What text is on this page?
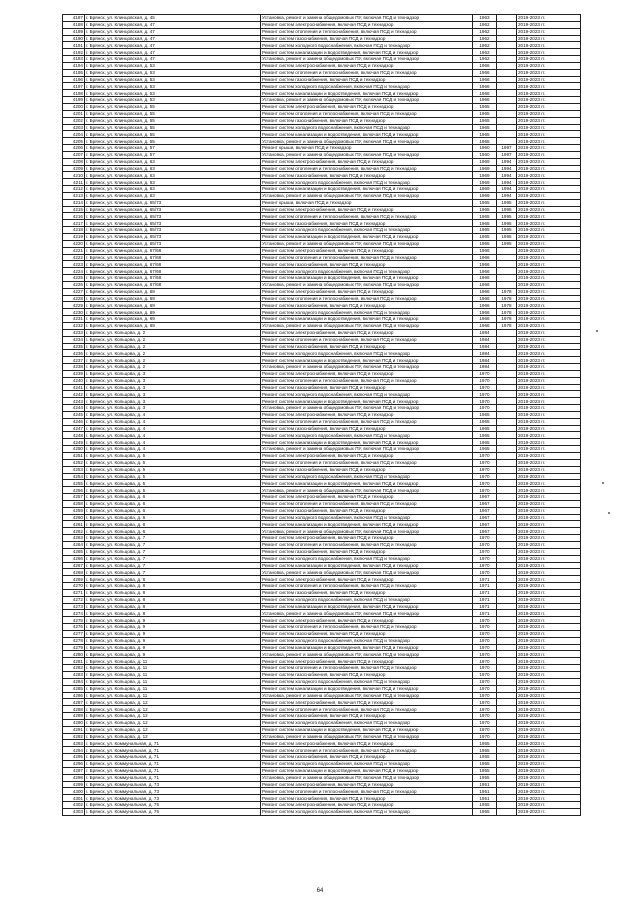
4187	г. Брянск, ул. Клинцовская, д. 45	Установка, ремонт и замена общедомовых ПУ, включая ПСД и технадзор	1963		2019-2023 гг.
4188	г. Брянск, ул. Клинцовская, д. 47	Ремонт систем электроснабжения, включая ПСД и технадзор	1962		2019-2023 гг.
4189	г. Брянск, ул. Клинцовская, д. 47	Ремонт систем отопления и теплоснабжения, включая ПСД и технадзор	1962		2019-2023 гг.
4190	г. Брянск, ул. Клинцовская, д. 47	Ремонт систем газоснабжения, включая ПСД и технадзор	1962		2019-2023 гг.
4191	г. Брянск, ул. Клинцовская, д. 47	Ремонт систем холодного водоснабжения, включая ПСД и технадзор	1962		2019-2023 гг.
4192	г. Брянск, ул. Клинцовская, д. 47	Ремонт систем канализации и водоотведения, включая ПСД и технадзор	1962		2019-2023 гг.
4193	г. Брянск, ул. Клинцовская, д. 47	Установка, ремонт и замена общедомовых ПУ, включая ПСД и технадзор	1962		2019-2023 гг.
4194	г. Брянск, ул. Клинцовская, д. 53	Ремонт систем электроснабжения, включая ПСД и технадзор	1966		2019-2023 гг.
4195	г. Брянск, ул. Клинцовская, д. 53	Ремонт систем отопления и теплоснабжения, включая ПСД и технадзор	1966		2019-2023 гг.
4196	г. Брянск, ул. Клинцовская, д. 53	Ремонт систем газоснабжения, включая ПСД и технадзор	1966		2019-2023 гг.
4197	г. Брянск, ул. Клинцовская, д. 53	Ремонт систем холодного водоснабжения, включая ПСД и технадзор	1966		2019-2023 гг.
4198	г. Брянск, ул. Клинцовская, д. 53	Ремонт систем канализации и водоотведения, включая ПСД и технадзор	1966		2019-2023 гг.
4199	г. Брянск, ул. Клинцовская, д. 53	Установка, ремонт и замена общедомовых ПУ, включая ПСД и технадзор	1966		2019-2023 гг.
4200	г. Брянск, ул. Клинцовская, д. 55	Ремонт систем электроснабжения, включая ПСД и технадзор	1965		2019-2023 гг.
4201	г. Брянск, ул. Клинцовская, д. 55	Ремонт систем отопления и теплоснабжения, включая ПСД и технадзор	1965		2019-2023 гг.
4202	г. Брянск, ул. Клинцовская, д. 55	Ремонт систем газоснабжения, включая ПСД и технадзор	1965		2019-2023 гг.
4203	г. Брянск, ул. Клинцовская, д. 55	Ремонт систем холодного водоснабжения, включая ПСД и технадзор	1965		2019-2023 гг.
4204	г. Брянск, ул. Клинцовская, д. 55	Ремонт систем канализации и водоотведения, включая ПСД и технадзор	1965		2019-2023 гг.
4205	г. Брянск, ул. Клинцовская, д. 55	Установка, ремонт и замена общедомовых ПУ, включая ПСД и технадзор	1965		2019-2023 гг.
4206	г. Брянск, ул. Клинцовская, д. 57	Ремонт крыши, включая ПСД и технадзор	1960	1997	2019-2023 гг.
4207	г. Брянск, ул. Клинцовская, д. 57	Установка, ремонт и замена общедомовых ПУ, включая ПСД и технадзор	1960	1997	2019-2023 гг.
4208	г. Брянск, ул. Клинцовская, д. 63	Ремонт систем электроснабжения, включая ПСД и технадзор	1969	1994	2019-2023 гг.
4209	г. Брянск, ул. Клинцовская, д. 63	Ремонт систем отопления и теплоснабжения, включая ПСД и технадзор	1969	1994	2019-2023 гг.
4210	г. Брянск, ул. Клинцовская, д. 63	Ремонт систем газоснабжения, включая ПСД и технадзор	1969	1994	2019-2023 гг.
4211	г. Брянск, ул. Клинцовская, д. 63	Ремонт систем холодного водоснабжения, включая ПСД и технадзор	1969	1994	2019-2023 гг.
4212	г. Брянск, ул. Клинцовская, д. 63	Ремонт систем канализации и водоотведения, включая ПСД и технадзор	1969	1994	2019-2023 гг.
4213	г. Брянск, ул. Клинцовская, д. 63	Установка, ремонт и замена общедомовых ПУ, включая ПСД и технадзор	1969	1994	2019-2023 гг.
4214	г. Брянск, ул. Клинцовская, д. 65/73	Ремонт крыши, включая ПСД и технадзор	1965	1995	2019-2023 гг.
4215	г. Брянск, ул. Клинцовская, д. 65/73	Ремонт систем электроснабжения, включая ПСД и технадзор	1965	1995	2019-2023 гг.
4216	г. Брянск, ул. Клинцовская, д. 65/73	Ремонт систем отопления и теплоснабжения, включая ПСД и технадзор	1965	1995	2019-2023 гг.
4217	г. Брянск, ул. Клинцовская, д. 65/73	Ремонт систем газоснабжения, включая ПСД и технадзор	1965	1995	2019-2023 гг.
4218	г. Брянск, ул. Клинцовская, д. 65/73	Ремонт систем холодного водоснабжения, включая ПСД и технадзор	1965	1995	2019-2023 гг.
4219	г. Брянск, ул. Клинцовская, д. 65/73	Ремонт систем канализации и водоотведения, включая ПСД и технадзор	1965	1995	2019-2023 гг.
4220	г. Брянск, ул. Клинцовская, д. 65/73	Установка, ремонт и замена общедомовых ПУ, включая ПСД и технадзор	1965	1995	2019-2023 гг.
4221	г. Брянск, ул. Клинцовская, д. 67/68	Ремонт систем электроснабжения, включая ПСД и технадзор	1966		2019-2023 гг.
4222	г. Брянск, ул. Клинцовская, д. 67/68	Ремонт систем отопления и теплоснабжения, включая ПСД и технадзор	1966		2019-2023 гг.
4223	г. Брянск, ул. Клинцовская, д. 67/68	Ремонт систем газоснабжения, включая ПСД и технадзор	1966		2019-2023 гг.
4224	г. Брянск, ул. Клинцовская, д. 67/68	Ремонт систем холодного водоснабжения, включая ПСД и технадзор	1966		2019-2023 гг.
4225	г. Брянск, ул. Клинцовская, д. 67/68	Ремонт систем канализации и водоотведения, включая ПСД и технадзор	1966		2019-2023 гг.
4226	г. Брянск, ул. Клинцовская, д. 67/68	Установка, ремонт и замена общедомовых ПУ, включая ПСД и технадзор	1966		2019-2023 гг.
4227	г. Брянск, ул. Клинцовская, д. 69	Ремонт систем электроснабжения, включая ПСД и технадзор	1966	1978	2019-2023 гг.
4228	г. Брянск, ул. Клинцовская, д. 69	Ремонт систем отопления и теплоснабжения, включая ПСД и технадзор	1966	1978	2019-2023 гг.
4229	г. Брянск, ул. Клинцовская, д. 69	Ремонт систем газоснабжения, включая ПСД и технадзор	1966	1978	2019-2023 гг.
4230	г. Брянск, ул. Клинцовская, д. 69	Ремонт систем холодного водоснабжения, включая ПСД и технадзор	1966	1978	2019-2023 гг.
4231	г. Брянск, ул. Клинцовская, д. 69	Ремонт систем канализации и водоотведения, включая ПСД и технадзор	1966	1978	2019-2023 гг.
4232	г. Брянск, ул. Клинцовская, д. 69	Установка, ремонт и замена общедомовых ПУ, включая ПСД и технадзор	1966	1978	2019-2023 гг.
4233	г. Брянск, ул. Кольцова, д. 2	Ремонт систем электроснабжения, включая ПСД и технадзор	1984		2019-2023 гг.
4234	г. Брянск, ул. Кольцова, д. 2	Ремонт систем отопления и теплоснабжения, включая ПСД и технадзор	1984		2019-2023 гг.
4235	г. Брянск, ул. Кольцова, д. 2	Ремонт систем газоснабжения, включая ПСД и технадзор	1984		2019-2023 гг.
4236	г. Брянск, ул. Кольцова, д. 2	Ремонт систем холодного водоснабжения, включая ПСД и технадзор	1984		2019-2023 гг.
4237	г. Брянск, ул. Кольцова, д. 2	Ремонт систем канализации и водоотведения, включая ПСД и технадзор	1984		2019-2023 гг.
4238	г. Брянск, ул. Кольцова, д. 2	Установка, ремонт и замена общедомовых ПУ, включая ПСД и технадзор	1984		2019-2023 гг.
4239	г. Брянск, ул. Кольцова, д. 3	Ремонт систем электроснабжения, включая ПСД и технадзор	1970		2019-2023 гг.
4240	г. Брянск, ул. Кольцова, д. 3	Ремонт систем отопления и теплоснабжения, включая ПСД и технадзор	1970		2019-2023 гг.
4241	г. Брянск, ул. Кольцова, д. 3	Ремонт систем газоснабжения, включая ПСД и технадзор	1970		2019-2023 гг.
4242	г. Брянск, ул. Кольцова, д. 3	Ремонт систем холодного водоснабжения, включая ПСД и технадзор	1970		2019-2023 гг.
4243	г. Брянск, ул. Кольцова, д. 3	Ремонт систем канализации и водоотведения, включая ПСД и технадзор	1970		2019-2023 гг.
4244	г. Брянск, ул. Кольцова, д. 3	Установка, ремонт и замена общедомовых ПУ, включая ПСД и технадзор	1970		2019-2023 гг.
4245	г. Брянск, ул. Кольцова, д. 4	Ремонт систем электроснабжения, включая ПСД и технадзор	1965		2019-2023 гг.
4246	г. Брянск, ул. Кольцова, д. 4	Ремонт систем отопления и теплоснабжения, включая ПСД и технадзор	1965		2019-2023 гг.
4247	г. Брянск, ул. Кольцова, д. 4	Ремонт систем газоснабжения, включая ПСД и технадзор	1965		2019-2023 гг.
4248	г. Брянск, ул. Кольцова, д. 4	Ремонт систем холодного водоснабжения, включая ПСД и технадзор	1965		2019-2023 гг.
4249	г. Брянск, ул. Кольцова, д. 4	Ремонт систем канализации и водоотведения, включая ПСД и технадзор	1965		2019-2023 гг.
4250	г. Брянск, ул. Кольцова, д. 4	Установка, ремонт и замена общедомовых ПУ, включая ПСД и технадзор	1965		2019-2023 гг.
4251	г. Брянск, ул. Кольцова, д. 5	Ремонт систем электроснабжения, включая ПСД и технадзор	1970		2019-2023 гг.
4252	г. Брянск, ул. Кольцова, д. 5	Ремонт систем отопления и теплоснабжения, включая ПСД и технадзор	1970		2019-2023 гг.
4253	г. Брянск, ул. Кольцова, д. 5	Ремонт систем газоснабжения, включая ПСД и технадзор	1970		2019-2023 гг.
4254	г. Брянск, ул. Кольцова, д. 5	Ремонт систем холодного водоснабжения, включая ПСД и технадзор	1970		2019-2023 гг.
4255	г. Брянск, ул. Кольцова, д. 5	Ремонт систем канализации и водоотведения, включая ПСД и технадзор	1970		2019-2023 гг.
4256	г. Брянск, ул. Кольцова, д. 5	Установка, ремонт и замена общедомовых ПУ, включая ПСД и технадзор	1970		2019-2023 гг.
4257	г. Брянск, ул. Кольцова, д. 6	Ремонт систем электроснабжения, включая ПСД и технадзор	1967		2019-2023 гг.
4258	г. Брянск, ул. Кольцова, д. 6	Ремонт систем отопления и теплоснабжения, включая ПСД и технадзор	1967		2019-2023 гг.
4259	г. Брянск, ул. Кольцова, д. 6	Ремонт систем газоснабжения, включая ПСД и технадзор	1967		2019-2023 гг.
4260	г. Брянск, ул. Кольцова, д. 6	Ремонт систем холодного водоснабжения, включая ПСД и технадзор	1967		2019-2023 гг.
4261	г. Брянск, ул. Кольцова, д. 6	Ремонт систем канализации и водоотведения, включая ПСД и технадзор	1967		2019-2023 гг.
4262	г. Брянск, ул. Кольцова, д. 6	Установка, ремонт и замена общедомовых ПУ, включая ПСД и технадзор	1967		2019-2023 гг.
4263	г. Брянск, ул. Кольцова, д. 7	Ремонт систем электроснабжения, включая ПСД и технадзор	1970		2019-2023 гг.
4264	г. Брянск, ул. Кольцова, д. 7	Ремонт систем отопления и теплоснабжения, включая ПСД и технадзор	1970		2019-2023 гг.
4265	г. Брянск, ул. Кольцова, д. 7	Ремонт систем газоснабжения, включая ПСД и технадзор	1970		2019-2023 гг.
4266	г. Брянск, ул. Кольцова, д. 7	Ремонт систем холодного водоснабжения, включая ПСД и технадзор	1970		2019-2023 гг.
4267	г. Брянск, ул. Кольцова, д. 7	Ремонт систем канализации и водоотведения, включая ПСД и технадзор	1970		2019-2023 гг.
4268	г. Брянск, ул. Кольцова, д. 7	Установка, ремонт и замена общедомовых ПУ, включая ПСД и технадзор	1970		2019-2023 гг.
4269	г. Брянск, ул. Кольцова, д. 8	Ремонт систем электроснабжения, включая ПСД и технадзор	1971		2019-2023 гг.
4270	г. Брянск, ул. Кольцова, д. 8	Ремонт систем отопления и теплоснабжения, включая ПСД и технадзор	1971		2019-2023 гг.
4271	г. Брянск, ул. Кольцова, д. 8	Ремонт систем газоснабжения, включая ПСД и технадзор	1971		2019-2023 гг.
4272	г. Брянск, ул. Кольцова, д. 8	Ремонт систем холодного водоснабжения, включая ПСД и технадзор	1971		2019-2023 гг.
4273	г. Брянск, ул. Кольцова, д. 8	Ремонт систем канализации и водоотведения, включая ПСД и технадзор	1971		2019-2023 гг.
4274	г. Брянск, ул. Кольцова, д. 8	Установка, ремонт и замена общедомовых ПУ, включая ПСД и технадзор	1971		2019-2023 гг.
4275	г. Брянск, ул. Кольцова, д. 9	Ремонт систем электроснабжения, включая ПСД и технадзор	1970		2019-2023 гг.
4276	г. Брянск, ул. Кольцова, д. 9	Ремонт систем отопления и теплоснабжения, включая ПСД и технадзор	1970		2019-2023 гг.
4277	г. Брянск, ул. Кольцова, д. 9	Ремонт систем газоснабжения, включая ПСД и технадзор	1970		2019-2023 гг.
4278	г. Брянск, ул. Кольцова, д. 9	Ремонт систем холодного водоснабжения, включая ПСД и технадзор	1970		2019-2023 гг.
4279	г. Брянск, ул. Кольцова, д. 9	Ремонт систем канализации и водоотведения, включая ПСД и технадзор	1970		2019-2023 гг.
4280	г. Брянск, ул. Кольцова, д. 9	Установка, ремонт и замена общедомовых ПУ, включая ПСД и технадзор	1970		2019-2023 гг.
4281	г. Брянск, ул. Кольцова, д. 11	Ремонт систем электроснабжения, включая ПСД и технадзор	1970		2019-2023 гг.
4282	г. Брянск, ул. Кольцова, д. 11	Ремонт систем отопления и теплоснабжения, включая ПСД и технадзор	1970		2019-2023 гг.
4283	г. Брянск, ул. Кольцова, д. 11	Ремонт систем газоснабжения, включая ПСД и технадзор	1970		2019-2023 гг.
4284	г. Брянск, ул. Кольцова, д. 11	Ремонт систем холодного водоснабжения, включая ПСД и технадзор	1970		2019-2023 гг.
4285	г. Брянск, ул. Кольцова, д. 11	Ремонт систем канализации и водоотведения, включая ПСД и технадзор	1970		2019-2023 гг.
4286	г. Брянск, ул. Кольцова, д. 11	Установка, ремонт и замена общедомовых ПУ, включая ПСД и технадзор	1970		2019-2023 гг.
4287	г. Брянск, ул. Кольцова, д. 12	Ремонт систем электроснабжения, включая ПСД и технадзор	1970		2019-2023 гг.
4288	г. Брянск, ул. Кольцова, д. 12	Ремонт систем отопления и теплоснабжения, включая ПСД и технадзор	1970		2019-2023 гг.
4289	г. Брянск, ул. Кольцова, д. 12	Ремонт систем газоснабжения, включая ПСД и технадзор	1970		2019-2023 гг.
4290	г. Брянск, ул. Кольцова, д. 12	Ремонт систем холодного водоснабжения, включая ПСД и технадзор	1970		2019-2023 гг.
4291	г. Брянск, ул. Кольцова, д. 12	Ремонт систем канализации и водоотведения, включая ПСД и технадзор	1970		2019-2023 гг.
4292	г. Брянск, ул. Кольцова, д. 12	Установка, ремонт и замена общедомовых ПУ, включая ПСД и технадзор	1970		2019-2023 гг.
4293	г. Брянск, ул. Коммунальная, д. 71	Ремонт систем электроснабжения, включая ПСД и технадзор	1955		2019-2023 гг.
4294	г. Брянск, ул. Коммунальная, д. 71	Ремонт систем отопления и теплоснабжения, включая ПСД и технадзор	1955		2019-2023 гг.
4295	г. Брянск, ул. Коммунальная, д. 71	Ремонт систем газоснабжения, включая ПСД и технадзор	1955		2019-2023 гг.
4296	г. Брянск, ул. Коммунальная, д. 71	Ремонт систем холодного водоснабжения, включая ПСД и технадзор	1955		2019-2023 гг.
4297	г. Брянск, ул. Коммунальная, д. 71	Ремонт систем канализации и водоотведения, включая ПСД и технадзор	1955		2019-2023 гг.
4298	г. Брянск, ул. Коммунальная, д. 71	Установка, ремонт и замена общедомовых ПУ, включая ПСД и технадзор	1955		2019-2023 гг.
4299	г. Брянск, ул. Коммунальная, д. 73	Ремонт систем электроснабжения, включая ПСД и технадзор	1951		2019-2023 гг.
4300	г. Брянск, ул. Коммунальная, д. 73	Ремонт систем отопления и теплоснабжения, включая ПСД и технадзор	1951		2019-2023 гг.
4301	г. Брянск, ул. Коммунальная, д. 73	Ремонт систем газоснабжения, включая ПСД и технадзор	1951		2019-2023 гг.
4302	г. Брянск, ул. Коммунальная, д. 75	Ремонт систем электроснабжения, включая ПСД и технадзор	1955		2019-2023 гг.
4303	г. Брянск, ул. Коммунальная, д. 75	Ремонт систем холодного водоснабжения, включая ПСД и технадзор	1955		2019-2023 гг.
64
